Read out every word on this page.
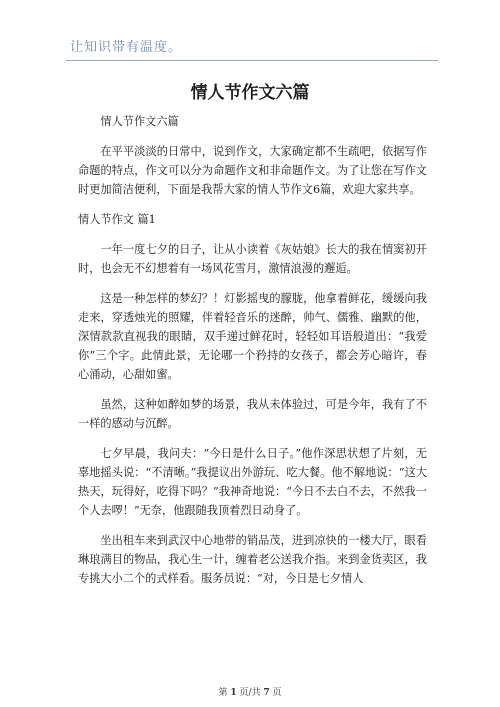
让知识带有温度。
情人节作文六篇

情人节作文六篇

在平平淡淡的日常中，说到作文，大家确定都不生疏吧，依据写作命题的特点，作文可以分为命题作文和非命题作文。为了让您在写作文时更加简洁便利，下面是我帮大家的情人节作文6篇，欢迎大家共享。

情人节作文 篇1

一年一度七夕的日子，让从小读着《灰姑娘》长大的我在情窦初开时，也会无不幻想着有一场风花雪月，激情浪漫的邂逅。

这是一种怎样的梦幻？！灯影摇曳的朦胧，他拿着鲜花，缓缓向我走来，穿透烛光的照耀，伴着轻音乐的迷醉，帅气、儒雅、幽默的他，深情款款直视我的眼睛，双手递过鲜花时，轻轻如耳语般道出：“我爱你”三个字。此情此景，无论哪一个矜持的女孩子，都会芳心暗许，春心涌动，心甜如蜜。

虽然，这种如醉如梦的场景，我从未体验过，可是今年，我有了不一样的感动与沉醉。

七夕早晨，我问夫：“今日是什么日子。”他作深思状想了片刻，无辜地摇头说：“不清晰。”我提议出外游玩、吃大餐。他不解地说：“这大热天，玩得好，吃得下吗？”我神奇地说：“今日不去白不去，不然我一个人去啰！”无奈，他跟随我顶着烈日动身了。

坐出租车来到武汉中心地带的销品茂，进到凉快的一楼大厅，眼看琳琅满目的物品，我心生一计，缠着老公送我介指。来到金货卖区，我专挑大小二个的式样看。服务员说：“对，今日是七夕情人

第 1 页/共 7 页
